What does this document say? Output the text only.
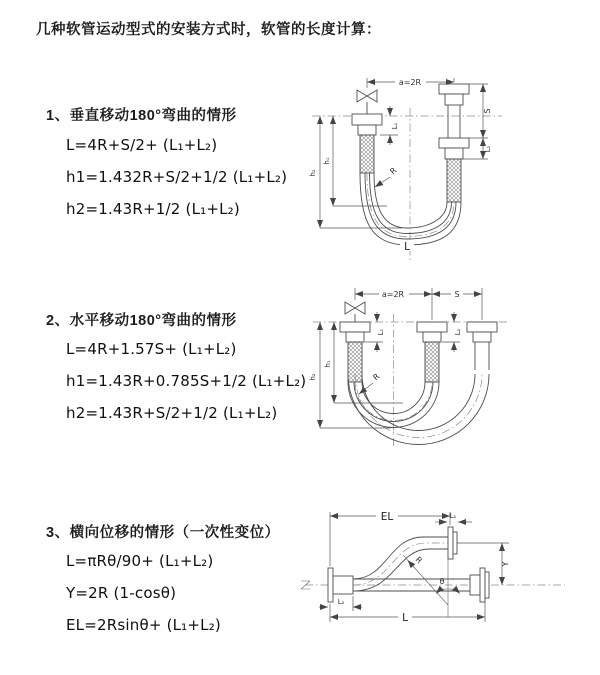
几种软管运动型式的安装方式时，软管的长度计算：
1、垂直移动180°弯曲的情形
L=4R+S/2+ (L₁+L₂)
h1=1.432R+S/2+1/2 (L₁+L₂)
h2=1.43R+1/2 (L₁+L₂)
2、水平移动180°弯曲的情形
L=4R+1.57S+ (L₁+L₂)
h1=1.43R+0.785S+1/2 (L₁+L₂)
h2=1.43R+S/2+1/2 (L₁+L₂)
3、横向位移的情形（一次性变位）
L=πRθ/90+ (L₁+L₂)
Y=2R (1-cosθ)
EL=2Rsinθ+ (L₁+L₂)
a=2R
L₁
S
L₂
h₁
h₂	R
L
a=2R	S
L₁	L₂
h₁
h₂	R
θ
R
EL	L₁
Y
L₂
L
